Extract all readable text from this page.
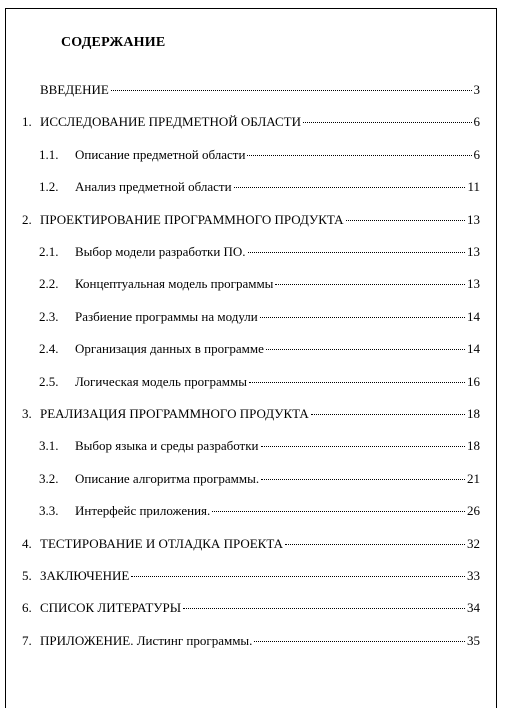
СОДЕРЖАНИЕ
ВВЕДЕНИЕ	3
1. ИССЛЕДОВАНИЕ ПРЕДМЕТНОЙ ОБЛАСТИ	6
1.1.	Описание предметной области	6
1.2.	Анализ предметной области	11
2. ПРОЕКТИРОВАНИЕ ПРОГРАММНОГО ПРОДУКТА	13
2.1.	Выбор модели разработки ПО.	13
2.2.	Концептуальная модель программы	13
2.3.	Разбиение программы на модули	14
2.4.	Организация данных в программе	14
2.5.	Логическая модель программы	16
3. РЕАЛИЗАЦИЯ ПРОГРАММНОГО ПРОДУКТА	18
3.1.	Выбор языка и среды разработки	18
3.2.	Описание алгоритма программы.	21
3.3.	Интерфейс приложения.	26
4. ТЕСТИРОВАНИЕ И ОТЛАДКА ПРОЕКТА	32
5. ЗАКЛЮЧЕНИЕ	33
6. СПИСОК ЛИТЕРАТУРЫ	34
7. ПРИЛОЖЕНИЕ. Листинг программы.	35
